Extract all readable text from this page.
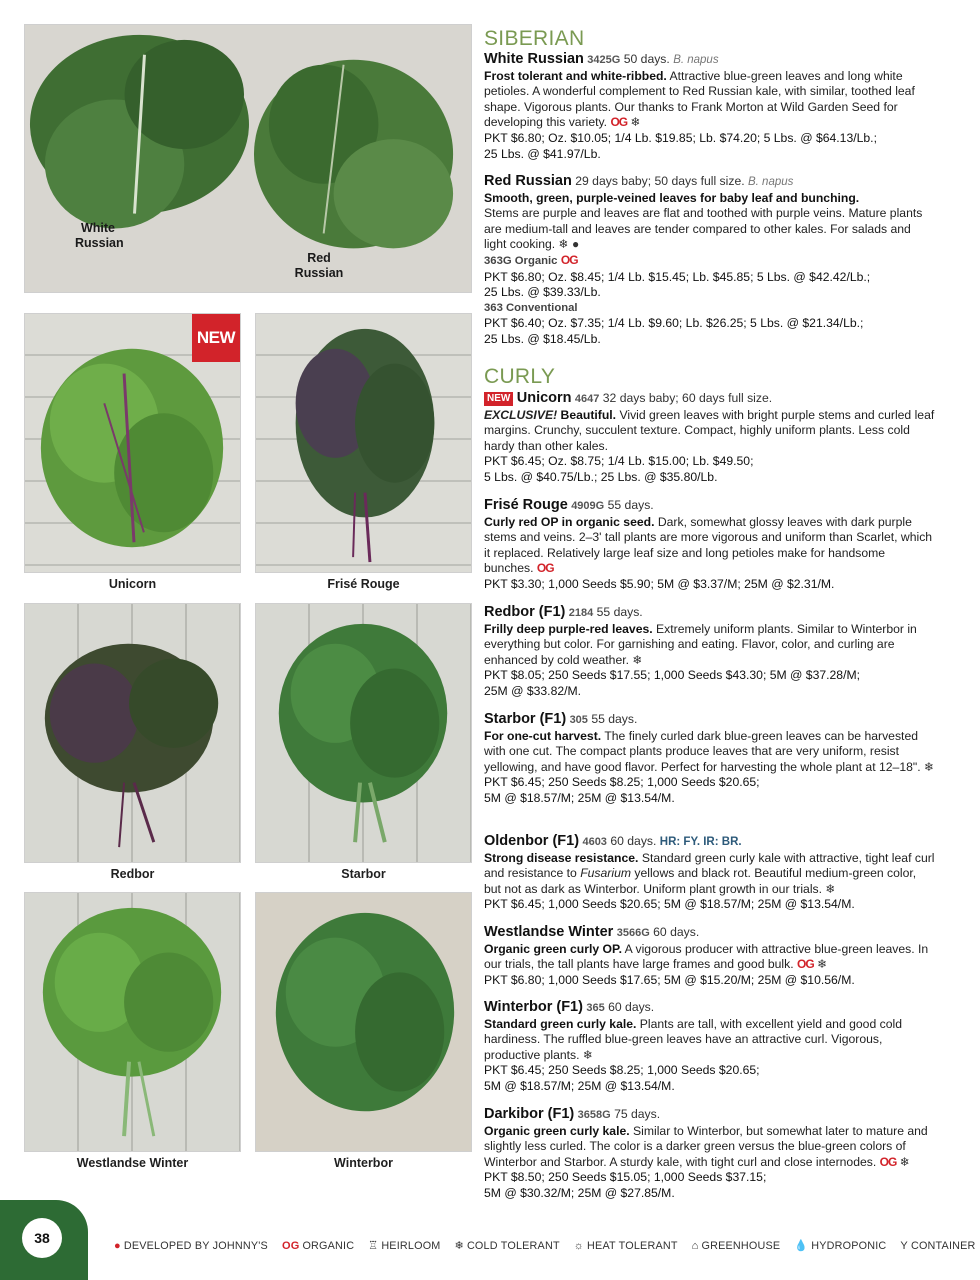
White
Russian
Red
Russian
NEW
Unicorn	Frisé Rouge
Redbor	Starbor
Westlandse Winter	Winterbor
SIBERIAN

White Russian 3425G 50 days. B. napus

Frost tolerant and white-ribbed. Attractive blue-green leaves and long white petioles. A wonderful complement to Red Russian kale, with similar, toothed leaf shape. Vigorous plants. Our thanks to Frank Morton at Wild Garden Seed for developing this variety. OG ❄

PKT $6.80; Oz. $10.05; 1/4 Lb. $19.85; Lb. $74.20; 5 Lbs. @ $64.13/Lb.;

25 Lbs. @ $41.97/Lb.

Red Russian 29 days baby; 50 days full size. B. napus

Smooth, green, purple-veined leaves for baby leaf and bunching.

Stems are purple and leaves are flat and toothed with purple veins. Mature plants are medium-tall and leaves are tender compared to other kales. For salads and light cooking. ❄ ●

363G Organic OG

PKT $6.80; Oz. $8.45; 1/4 Lb. $15.45; Lb. $45.85; 5 Lbs. @ $42.42/Lb.;

25 Lbs. @ $39.33/Lb.

363 Conventional

PKT $6.40; Oz. $7.35; 1/4 Lb. $9.60; Lb. $26.25; 5 Lbs. @ $21.34/Lb.;

25 Lbs. @ $18.45/Lb.

CURLY

NEW Unicorn 4647 32 days baby; 60 days full size.

EXCLUSIVE! Beautiful. Vivid green leaves with bright purple stems and curled leaf margins. Crunchy, succulent texture. Compact, highly uniform plants. Less cold hardy than other kales.

PKT $6.45; Oz. $8.75; 1/4 Lb. $15.00; Lb. $49.50;

5 Lbs. @ $40.75/Lb.; 25 Lbs. @ $35.80/Lb.

Frisé Rouge 4909G 55 days.

Curly red OP in organic seed. Dark, somewhat glossy leaves with dark purple stems and veins. 2–3' tall plants are more vigorous and uniform than Scarlet, which it replaced. Relatively large leaf size and long petioles make for handsome bunches. OG

PKT $3.30; 1,000 Seeds $5.90; 5M @ $3.37/M; 25M @ $2.31/M.

Redbor (F1) 2184 55 days.

Frilly deep purple-red leaves. Extremely uniform plants. Similar to Winterbor in everything but color. For garnishing and eating. Flavor, color, and curling are enhanced by cold weather. ❄

PKT $8.05; 250 Seeds $17.55; 1,000 Seeds $43.30; 5M @ $37.28/M;

25M @ $33.82/M.

Starbor (F1) 305 55 days.

For one-cut harvest. The finely curled dark blue-green leaves can be harvested with one cut. The compact plants produce leaves that are very uniform, resist yellowing, and have good flavor. Perfect for harvesting the whole plant at 12–18". ❄

PKT $6.45; 250 Seeds $8.25; 1,000 Seeds $20.65;

5M @ $18.57/M; 25M @ $13.54/M.

Oldenbor (F1) 4603 60 days. HR: FY. IR: BR.

Strong disease resistance. Standard green curly kale with attractive, tight leaf curl and resistance to Fusarium yellows and black rot. Beautiful medium-green color, but not as dark as Winterbor. Uniform plant growth in our trials. ❄

PKT $6.45; 1,000 Seeds $20.65; 5M @ $18.57/M; 25M @ $13.54/M.

Westlandse Winter 3566G 60 days.

Organic green curly OP. A vigorous producer with attractive blue-green leaves. In our trials, the tall plants have large frames and good bulk. OG ❄

PKT $6.80; 1,000 Seeds $17.65; 5M @ $15.20/M; 25M @ $10.56/M.

Winterbor (F1) 365 60 days.

Standard green curly kale. Plants are tall, with excellent yield and good cold hardiness. The ruffled blue-green leaves have an attractive curl. Vigorous, productive plants. ❄

PKT $6.45; 250 Seeds $8.25; 1,000 Seeds $20.65;

5M @ $18.57/M; 25M @ $13.54/M.

Darkibor (F1) 3658G 75 days.

Organic green curly kale. Similar to Winterbor, but somewhat later to mature and slightly less curled. The color is a darker green versus the blue-green colors of Winterbor and Starbor. A sturdy kale, with tight curl and close internodes. OG ❄

PKT $8.50; 250 Seeds $15.05; 1,000 Seeds $37.15;

5M @ $30.32/M; 25M @ $27.85/M.

38	● DEVELOPED BY JOHNNY'S OG ORGANIC ♖ HEIRLOOM ❄ COLD TOLERANT ☼ HEAT TOLERANT ⌂ GREENHOUSE 💧 HYDROPONIC Y CONTAINER
